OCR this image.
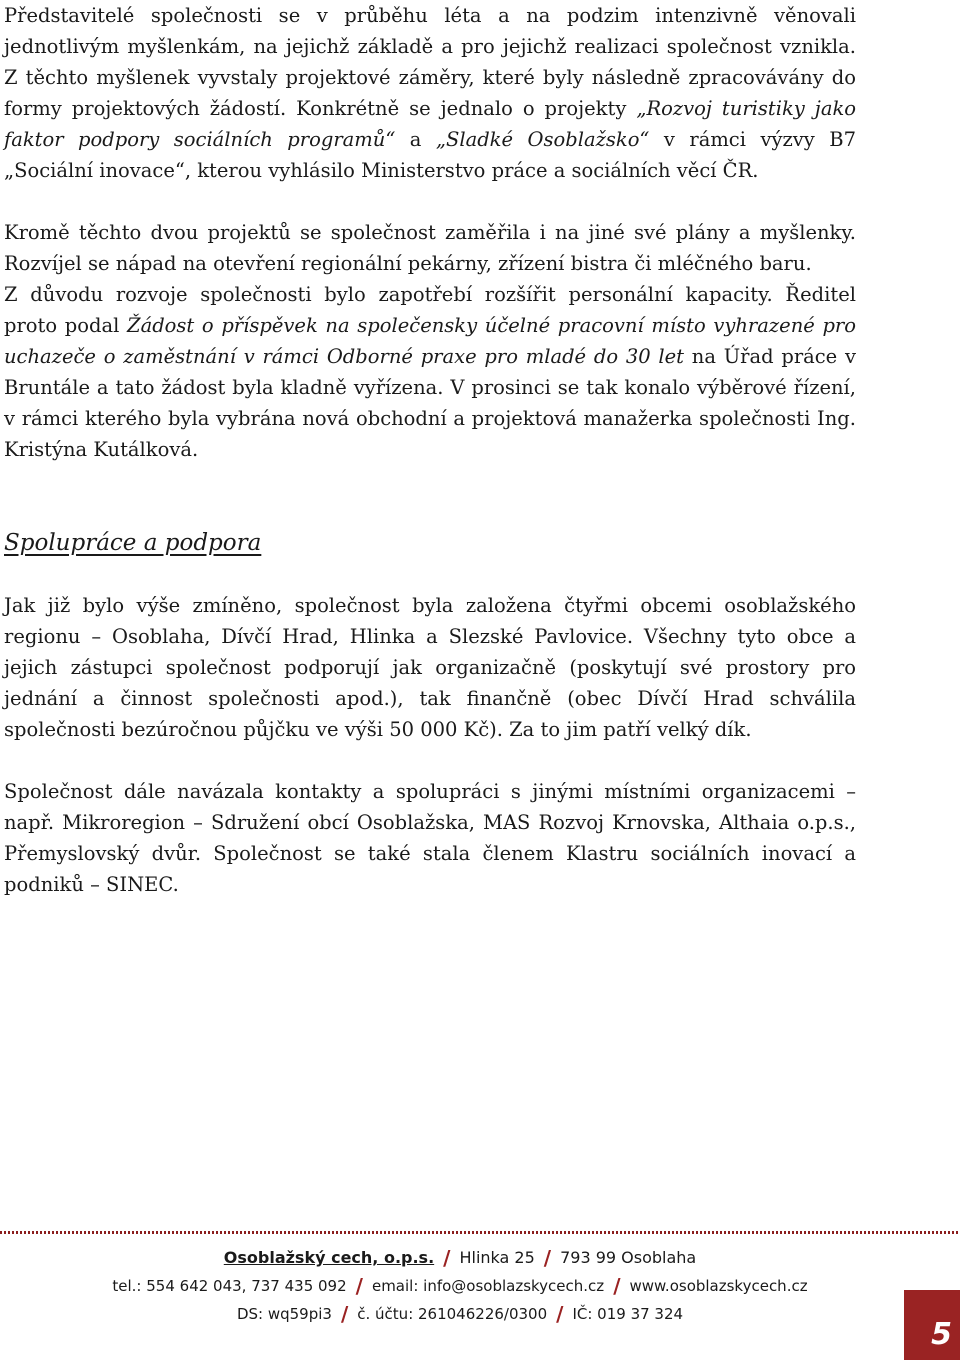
Představitelé společnosti se v průběhu léta a na podzim intenzivně věnovali jednotlivým myšlenkám, na jejichž základě a pro jejichž realizaci společnost vznikla. Z těchto myšlenek vyvstaly projektové záměry, které byly následně zpracovávány do formy projektových žádostí. Konkrétně se jednalo o projekty „Rozvoj turistiky jako faktor podpory sociálních programů“ a „Sladké Osoblažsko“ v rámci výzvy B7 „Sociální inovace“, kterou vyhlásilo Ministerstvo práce a sociálních věcí ČR.

Kromě těchto dvou projektů se společnost zaměřila i na jiné své plány a myšlenky. Rozvíjel se nápad na otevření regionální pekárny, zřízení bistra či mléčného baru.

Z důvodu rozvoje společnosti bylo zapotřebí rozšířit personální kapacity. Ředitel proto podal Žádost o příspěvek na společensky účelné pracovní místo vyhrazené pro uchazeče o zaměstnání v rámci Odborné praxe pro mladé do 30 let na Úřad práce v Bruntále a tato žádost byla kladně vyřízena. V prosinci se tak konalo výběrové řízení, v rámci kterého byla vybrána nová obchodní a projektová manažerka společnosti Ing. Kristýna Kutálková.

Spolupráce a podpora

Jak již bylo výše zmíněno, společnost byla založena čtyřmi obcemi osoblažského regionu – Osoblaha, Dívčí Hrad, Hlinka a Slezské Pavlovice. Všechny tyto obce a jejich zástupci společnost podporují jak organizačně (poskytují své prostory pro jednání a činnost společnosti apod.), tak finančně (obec Dívčí Hrad schválila společnosti bezúročnou půjčku ve výši 50 000 Kč). Za to jim patří velký dík.

Společnost dále navázala kontakty a spolupráci s jinými místními organizacemi – např. Mikroregion – Sdružení obcí Osoblažska, MAS Rozvoj Krnovska, Althaia o.p.s., Přemyslovský dvůr. Společnost se také stala členem Klastru sociálních inovací a podniků – SINEC.

Osoblažský cech, o.p.s. / Hlinka 25 / 793 99 Osoblaha
tel.: 554 642 043, 737 435 092 / email: info@osoblazskycech.cz / www.osoblazskycech.cz
DS: wq59pi3 / č. účtu: 261046226/0300 / IČ: 019 37 324
5
